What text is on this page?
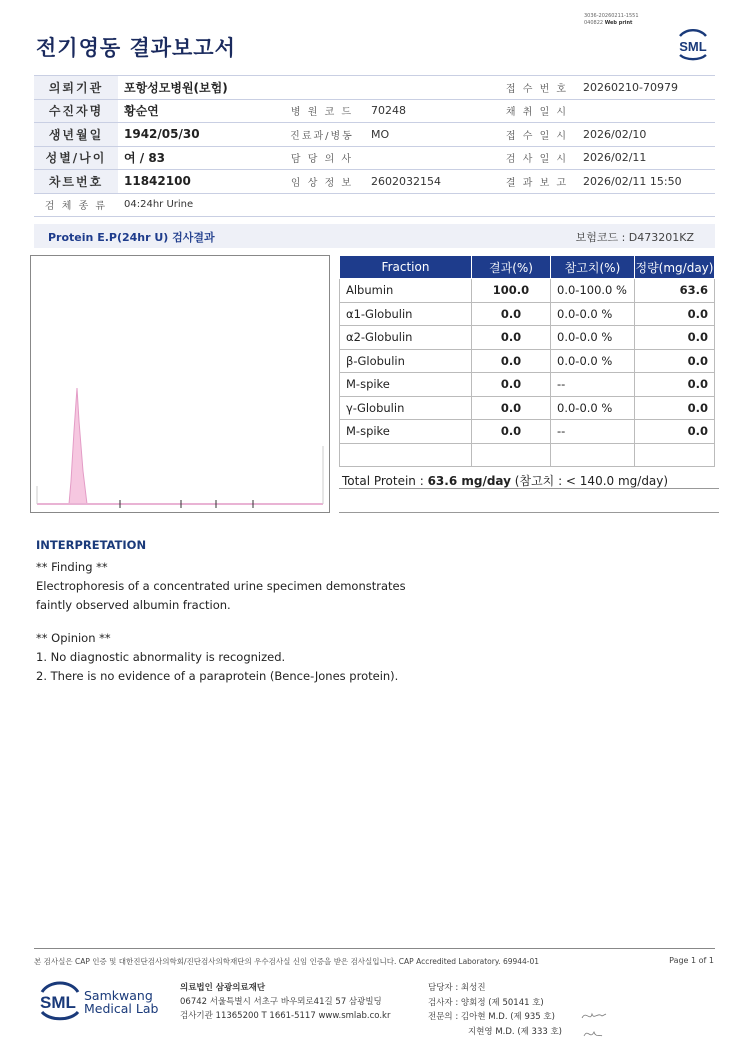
전기영동 결과보고서
3036-20260211-1551
040822 Web print
SML
의뢰기관	포항성모병원(보험)			접 수 번 호	20260210-70979
수진자명	황순연	병 원 코 드	70248	채 취 일 시	
생년월일	1942/05/30	진료과/병동	MO	접 수 일 시	2026/02/10
성별/나이	여 / 83	담 당 의 사		검 사 일 시	2026/02/11
차트번호	11842100	임 상 정 보	2602032154	결 과 보 고	2026/02/11 15:50
검 체 종 류	04:24hr Urine				
Protein E.P(24hr U) 검사결과	보험코드 : D473201KZ
Fraction	결과(%)	참고치(%)	정량(mg/day)
Albumin	100.0	0.0-100.0 %	63.6
α1-Globulin	0.0	0.0-0.0 %	0.0
α2-Globulin	0.0	0.0-0.0 %	0.0
β-Globulin	0.0	0.0-0.0 %	0.0
M-spike	0.0	--	0.0
γ-Globulin	0.0	0.0-0.0 %	0.0
M-spike	0.0	--	0.0

Total Protein : 63.6 mg/day (참고치 : < 140.0 mg/day)
INTERPRETATION
** Finding **
Electrophoresis of a concentrated urine specimen demonstrates
faintly observed albumin fraction.
** Opinion **
1. No diagnostic abnormality is recognized.
2. There is no evidence of a paraprotein (Bence-Jones protein).
본 검사실은 CAP 인증 및 대한진단검사의학회/진단검사의학재단의 우수검사실 신임 인증을 받은 검사실입니다. CAP Accredited Laboratory. 69944-01	Page 1 of 1
SML Samkwang
Medical Lab
의료법인 삼광의료재단
06742 서울특별시 서초구 바우뫼로41길 57 삼광빌딩
검사기관 11365200 T 1661-5117 www.smlab.co.kr
담당자 : 최성진
검사자 : 양회정 (제 50141 호)
전문의 : 김아현 M.D. (제 935 호)
지현영 M.D. (제 333 호)
